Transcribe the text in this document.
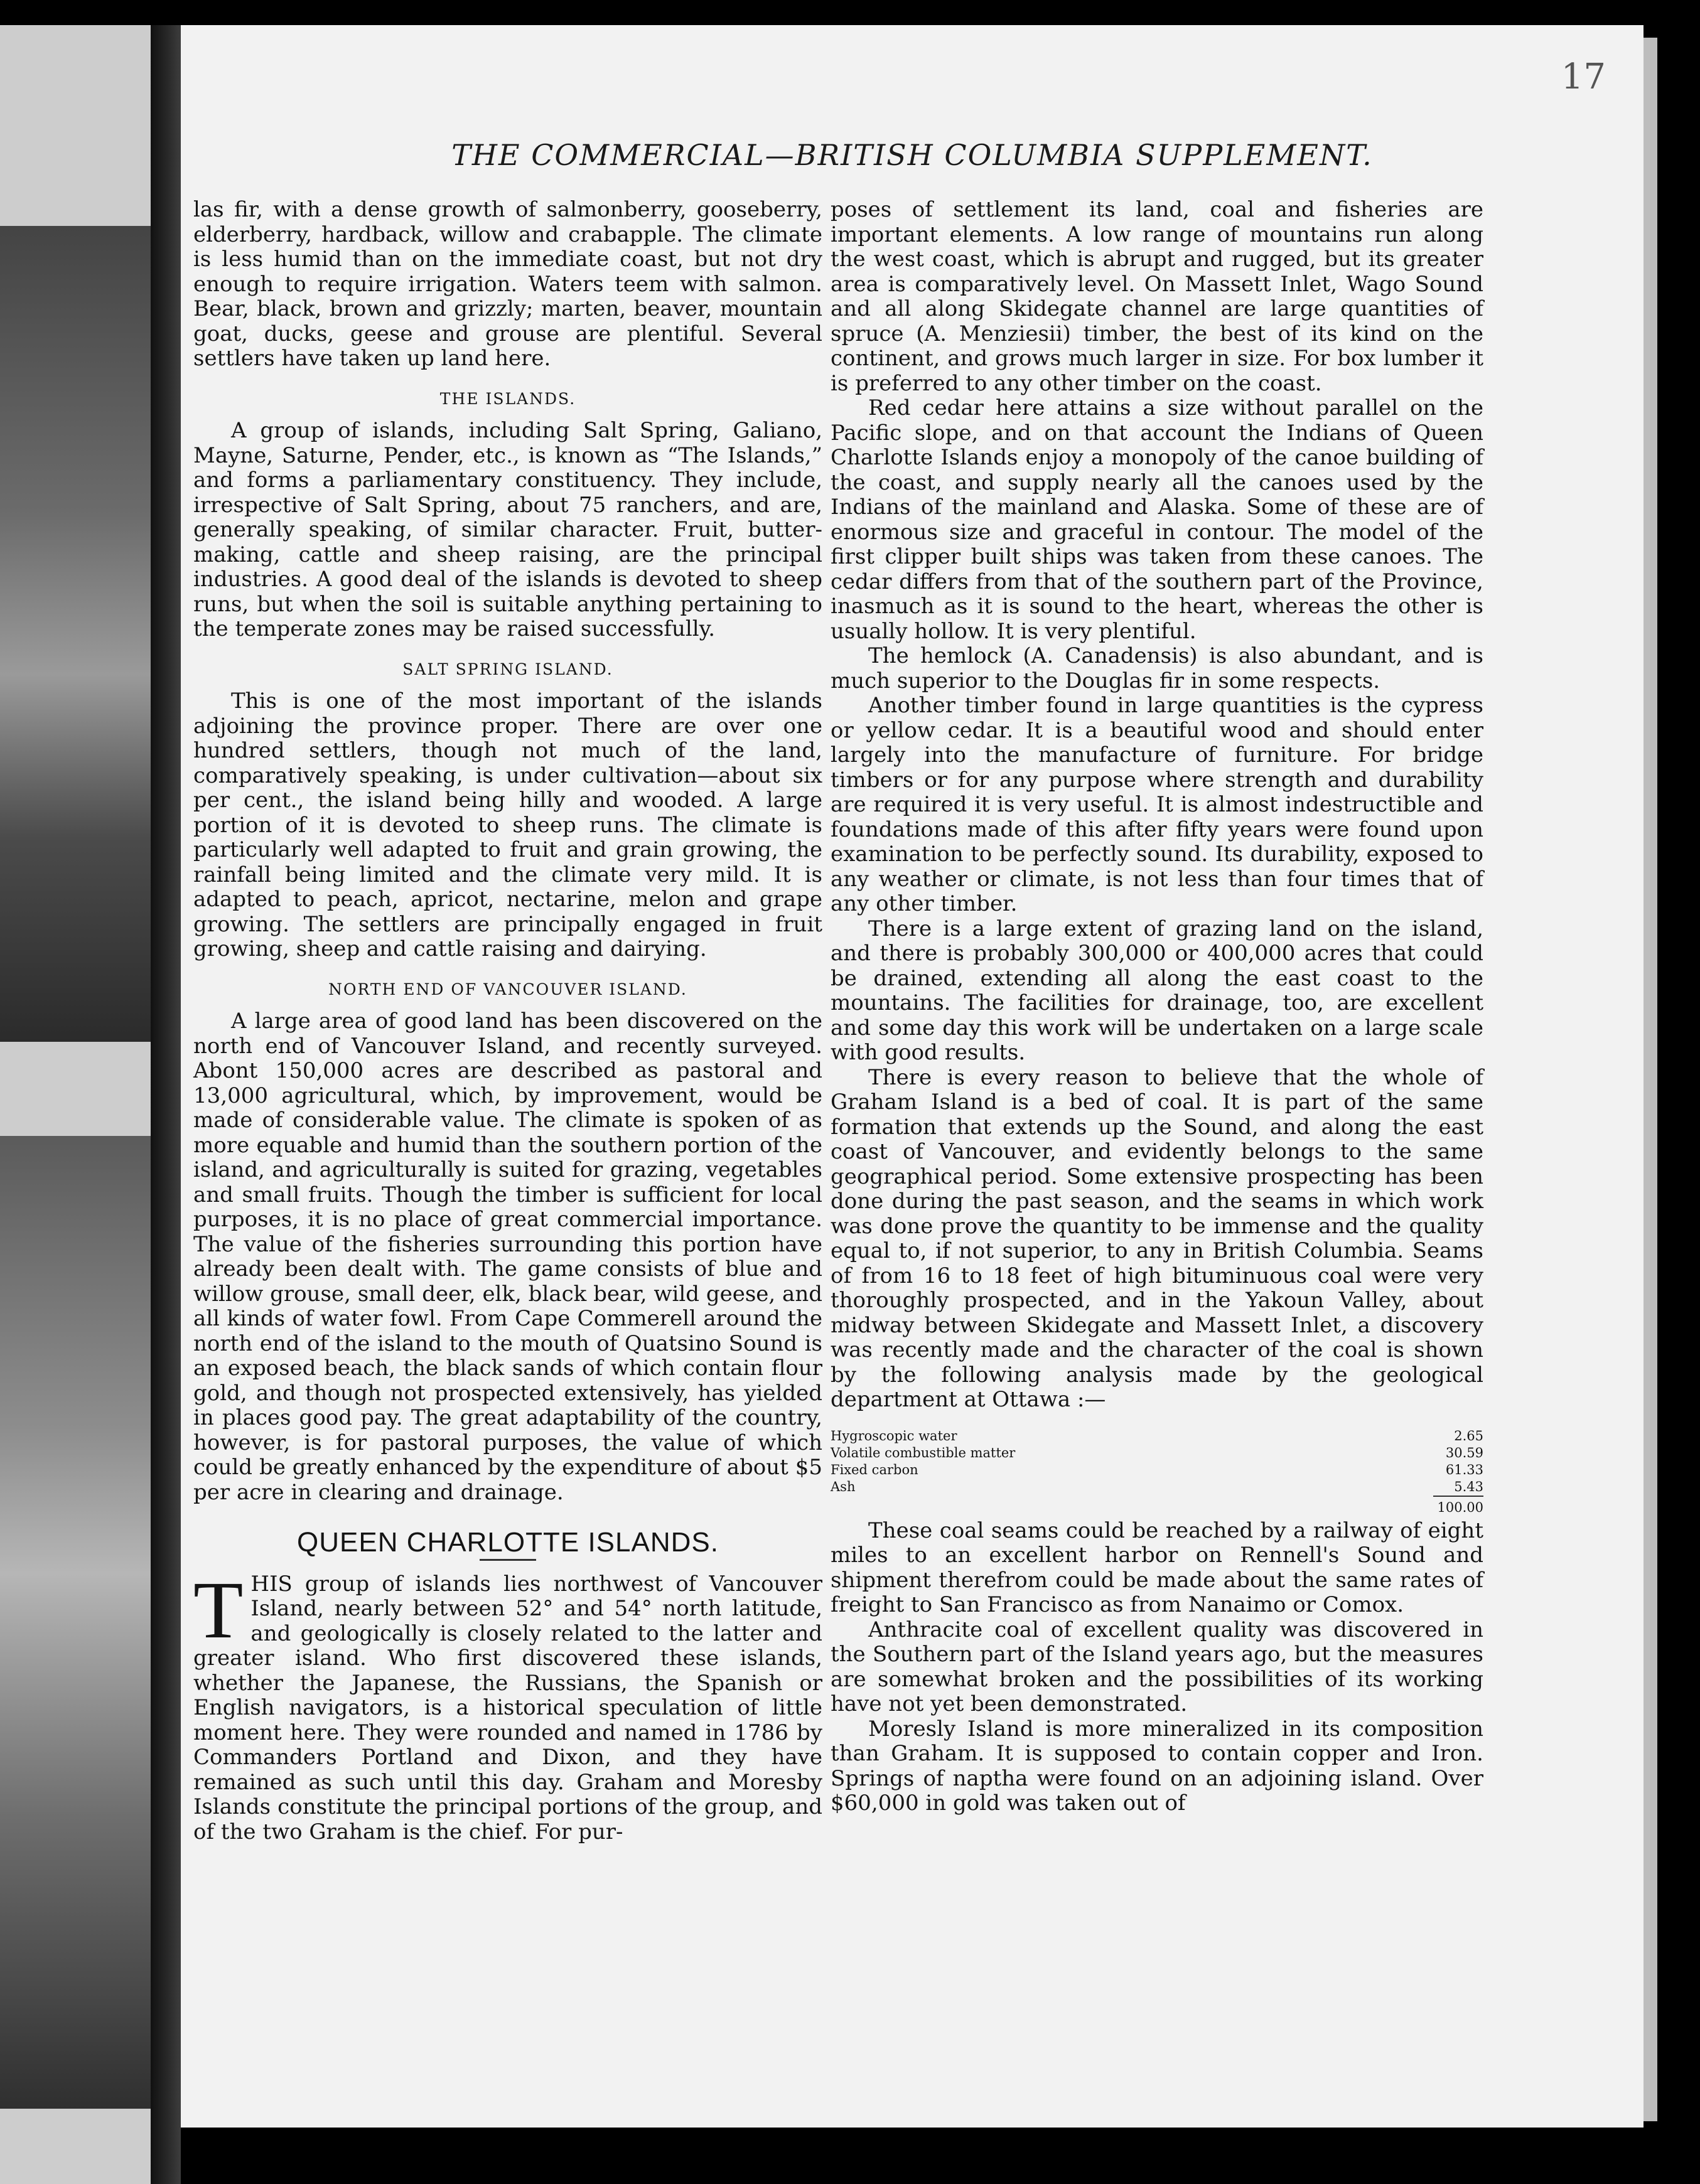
17
THE COMMERCIAL—BRITISH COLUMBIA SUPPLEMENT.

las fir, with a dense growth of salmonberry, gooseberry, elderberry, hardback, willow and crabapple. The climate is less humid than on the immediate coast, but not dry enough to require irrigation. Waters teem with salmon. Bear, black, brown and grizzly; marten, beaver, mountain goat, ducks, geese and grouse are plentiful. Several settlers have taken up land here.

THE ISLANDS.

A group of islands, including Salt Spring, Galiano, Mayne, Saturne, Pender, etc., is known as “The Islands,” and forms a parliamentary constituency. They include, irrespective of Salt Spring, about 75 ranchers, and are, generally speaking, of similar character. Fruit, butter-making, cattle and sheep raising, are the principal industries. A good deal of the islands is devoted to sheep runs, but when the soil is suitable anything pertaining to the temperate zones may be raised successfully.

SALT SPRING ISLAND.

This is one of the most important of the islands adjoining the province proper. There are over one hundred settlers, though not much of the land, comparatively speaking, is under cultivation—about six per cent., the island being hilly and wooded. A large portion of it is devoted to sheep runs. The climate is particularly well adapted to fruit and grain growing, the rainfall being limited and the climate very mild. It is adapted to peach, apricot, nectarine, melon and grape growing. The settlers are principally engaged in fruit growing, sheep and cattle raising and dairying.

NORTH END OF VANCOUVER ISLAND.

A large area of good land has been discovered on the north end of Vancouver Island, and recently surveyed. Abont 150,000 acres are described as pastoral and 13,000 agricultural, which, by improvement, would be made of considerable value. The climate is spoken of as more equable and humid than the southern portion of the island, and agriculturally is suited for grazing, vegetables and small fruits. Though the timber is sufficient for local purposes, it is no place of great commercial importance. The value of the fisheries surrounding this portion have already been dealt with. The game consists of blue and willow grouse, small deer, elk, black bear, wild geese, and all kinds of water fowl. From Cape Commerell around the north end of the island to the mouth of Quatsino Sound is an exposed beach, the black sands of which contain flour gold, and though not prospected extensively, has yielded in places good pay. The great adaptability of the country, however, is for pastoral purposes, the value of which could be greatly enhanced by the expenditure of about $5 per acre in clearing and drainage.

QUEEN CHARLOTTE ISLANDS.

THIS group of islands lies northwest of Vancouver Island, nearly between 52° and 54° north latitude, and geologically is closely related to the latter and greater island. Who first discovered these islands, whether the Japanese, the Russians, the Spanish or English navigators, is a historical speculation of little moment here. They were rounded and named in 1786 by Commanders Portland and Dixon, and they have remained as such until this day. Graham and Moresby Islands constitute the principal portions of the group, and of the two Graham is the chief. For pur-

poses of settlement its land, coal and fisheries are important elements. A low range of mountains run along the west coast, which is abrupt and rugged, but its greater area is comparatively level. On Massett Inlet, Wago Sound and all along Skidegate channel are large quantities of spruce (A. Menziesii) timber, the best of its kind on the continent, and grows much larger in size. For box lumber it is preferred to any other timber on the coast.

Red cedar here attains a size without parallel on the Pacific slope, and on that account the Indians of Queen Charlotte Islands enjoy a monopoly of the canoe building of the coast, and supply nearly all the canoes used by the Indians of the mainland and Alaska. Some of these are of enormous size and graceful in contour. The model of the first clipper built ships was taken from these canoes. The cedar differs from that of the southern part of the Province, inasmuch as it is sound to the heart, whereas the other is usually hollow. It is very plentiful.

The hemlock (A. Canadensis) is also abundant, and is much superior to the Douglas fir in some respects.

Another timber found in large quantities is the cypress or yellow cedar. It is a beautiful wood and should enter largely into the manufacture of furniture. For bridge timbers or for any purpose where strength and durability are required it is very useful. It is almost indestructible and foundations made of this after fifty years were found upon examination to be perfectly sound. Its durability, exposed to any weather or climate, is not less than four times that of any other timber.

There is a large extent of grazing land on the island, and there is probably 300,000 or 400,000 acres that could be drained, extending all along the east coast to the mountains. The facilities for drainage, too, are excellent and some day this work will be undertaken on a large scale with good results.

There is every reason to believe that the whole of Graham Island is a bed of coal. It is part of the same formation that extends up the Sound, and along the east coast of Vancouver, and evidently belongs to the same geographical period. Some extensive prospecting has been done during the past season, and the seams in which work was done prove the quantity to be immense and the quality equal to, if not superior, to any in British Columbia. Seams of from 16 to 18 feet of high bituminuous coal were very thoroughly prospected, and in the Yakoun Valley, about midway between Skidegate and Massett Inlet, a discovery was recently made and the character of the coal is shown by the following analysis made by the geological department at Ottawa :—

Hygroscopic water	2.65
Volatile combustible matter	30.59
Fixed carbon	61.33
Ash	5.43
	100.00

These coal seams could be reached by a railway of eight miles to an excellent harbor on Rennell's Sound and shipment therefrom could be made about the same rates of freight to San Francisco as from Nanaimo or Comox.

Anthracite coal of excellent quality was discovered in the Southern part of the Island years ago, but the measures are somewhat broken and the possibilities of its working have not yet been demonstrated.

Moresly Island is more mineralized in its composition than Graham. It is supposed to contain copper and Iron. Springs of naptha were found on an adjoining island. Over $60,000 in gold was taken out of
